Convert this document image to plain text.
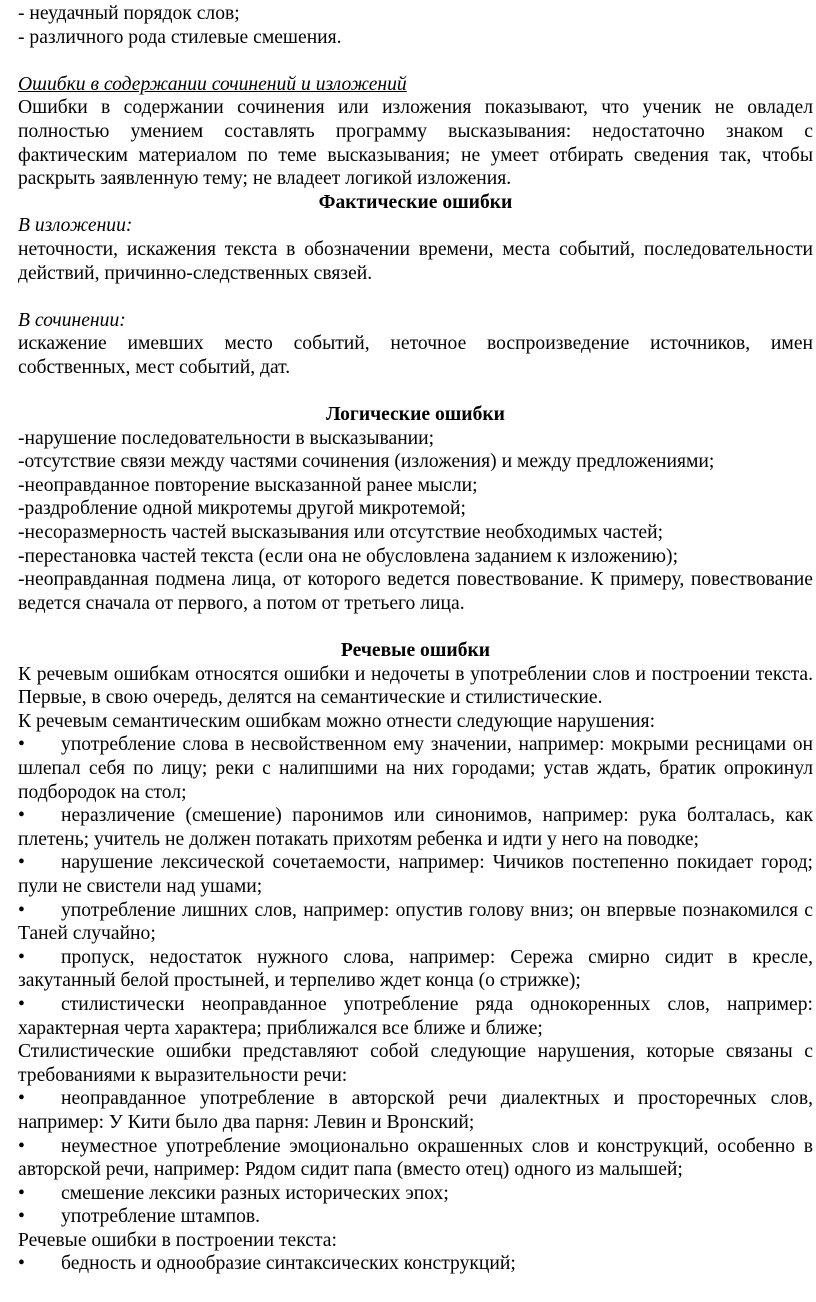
- неудачный порядок слов;
- различного рода стилевые смешения.

Ошибки в содержании сочинений и изложений

Ошибки в содержании сочинения или изложения показывают, что ученик не овладел полностью умением составлять программу высказывания: недостаточно знаком с фактическим материалом по теме высказывания; не умеет отбирать сведения так, чтобы раскрыть заявленную тему; не владеет логикой изложения.

Фактические ошибки

В изложении:

неточности, искажения текста в обозначении времени, места событий, последовательности действий, причинно-следственных связей.

В сочинении:

искажение имевших место событий, неточное воспроизведение источников, имен собственных, мест событий, дат.

Логические ошибки

-нарушение последовательности в высказывании;

-отсутствие связи между частями сочинения (изложения) и между предложениями;

-неоправданное повторение высказанной ранее мысли;

-раздробление одной микротемы другой микротемой;

-несоразмерность частей высказывания или отсутствие необходимых частей;

-перестановка частей текста (если она не обусловлена заданием к изложению);

-неоправданная подмена лица, от которого ведется повествование. К примеру, повествование ведется сначала от первого, а потом от третьего лица.

Речевые ошибки

К речевым ошибкам относятся ошибки и недочеты в употреблении слов и построении текста. Первые, в свою очередь, делятся на семантические и стилистические.

К речевым семантическим ошибкам можно отнести следующие нарушения:

• употребление слова в несвойственном ему значении, например: мокрыми ресницами он шлепал себя по лицу; реки с налипшими на них городами; устав ждать, братик опрокинул подбородок на стол;

• неразличение (смешение) паронимов или синонимов, например: рука болталась, как плетень; учитель не должен потакать прихотям ребенка и идти у него на поводке;

• нарушение лексической сочетаемости, например: Чичиков постепенно покидает город; пули не свистели над ушами;

• употребление лишних слов, например: опустив голову вниз; он впервые познакомился с Таней случайно;

• пропуск, недостаток нужного слова, например: Сережа смирно сидит в кресле, закутанный белой простыней, и терпеливо ждет конца (о стрижке);

• стилистически неоправданное употребление ряда однокоренных слов, например: характерная черта характера; приближался все ближе и ближе;

Стилистические ошибки представляют собой следующие нарушения, которые связаны с требованиями к выразительности речи:

• неоправданное употребление в авторской речи диалектных и просторечных слов, например: У Кити было два парня: Левин и Вронский;

• неуместное употребление эмоционально окрашенных слов и конструкций, особенно в авторской речи, например: Рядом сидит папа (вместо отец) одного из малышей;

• смешение лексики разных исторических эпох;

• употребление штампов.

Речевые ошибки в построении текста:

• бедность и однообразие синтаксических конструкций;
